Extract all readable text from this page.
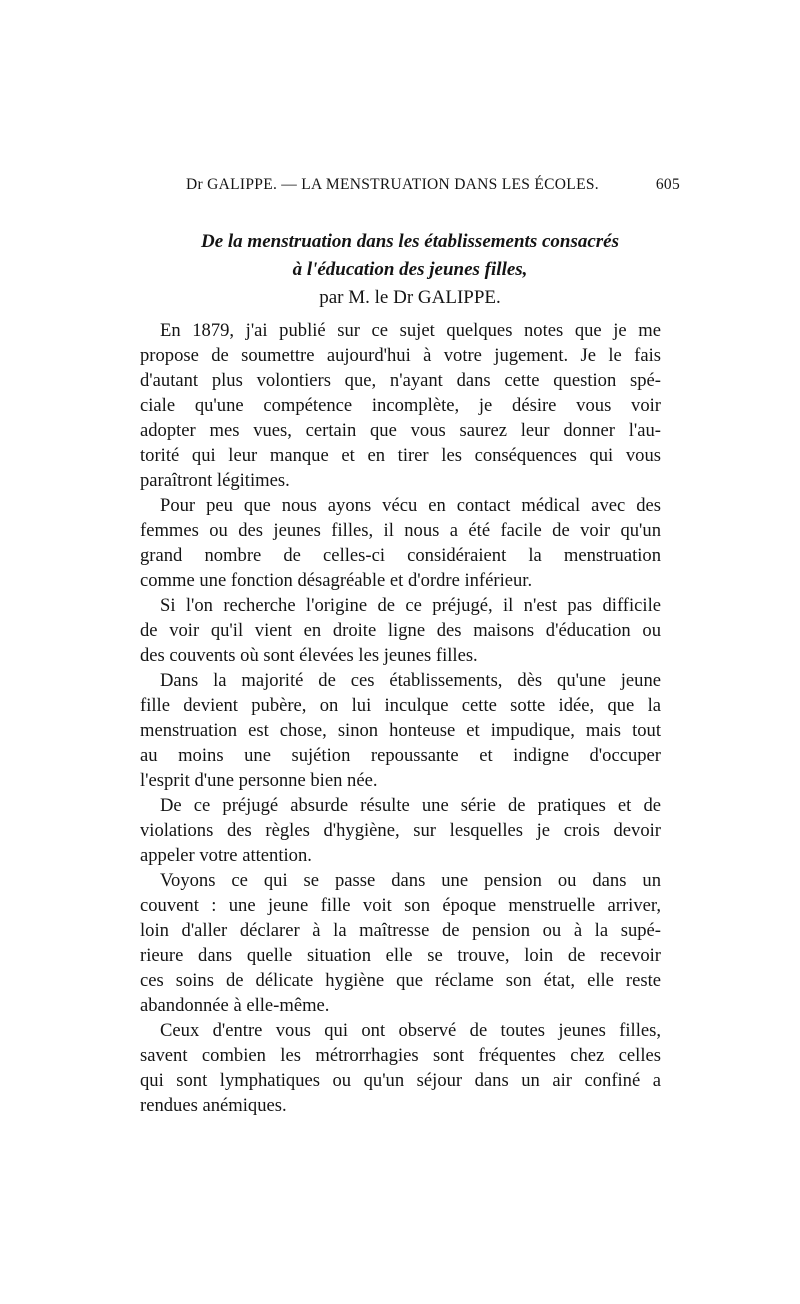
Dr GALIPPE. — LA MENSTRUATION DANS LES ÉCOLES.	605
De la menstruation dans les établissements consacrés
à l'éducation des jeunes filles,
par M. le Dr GALIPPE.
En 1879, j'ai publié sur ce sujet quelques notes que je me
propose de soumettre aujourd'hui à votre jugement. Je le fais
d'autant plus volontiers que, n'ayant dans cette question spé-
ciale qu'une compétence incomplète, je désire vous voir
adopter mes vues, certain que vous saurez leur donner l'au-
torité qui leur manque et en tirer les conséquences qui vous
paraîtront légitimes.
Pour peu que nous ayons vécu en contact médical avec des
femmes ou des jeunes filles, il nous a été facile de voir qu'un
grand nombre de celles-ci considéraient la menstruation
comme une fonction désagréable et d'ordre inférieur.
Si l'on recherche l'origine de ce préjugé, il n'est pas difficile
de voir qu'il vient en droite ligne des maisons d'éducation ou
des couvents où sont élevées les jeunes filles.
Dans la majorité de ces établissements, dès qu'une jeune
fille devient pubère, on lui inculque cette sotte idée, que la
menstruation est chose, sinon honteuse et impudique, mais tout
au moins une sujétion repoussante et indigne d'occuper
l'esprit d'une personne bien née.
De ce préjugé absurde résulte une série de pratiques et de
violations des règles d'hygiène, sur lesquelles je crois devoir
appeler votre attention.
Voyons ce qui se passe dans une pension ou dans un
couvent : une jeune fille voit son époque menstruelle arriver,
loin d'aller déclarer à la maîtresse de pension ou à la supé-
rieure dans quelle situation elle se trouve, loin de recevoir
ces soins de délicate hygiène que réclame son état, elle reste
abandonnée à elle-même.
Ceux d'entre vous qui ont observé de toutes jeunes filles,
savent combien les métrorrhagies sont fréquentes chez celles
qui sont lymphatiques ou qu'un séjour dans un air confiné a
rendues anémiques.
